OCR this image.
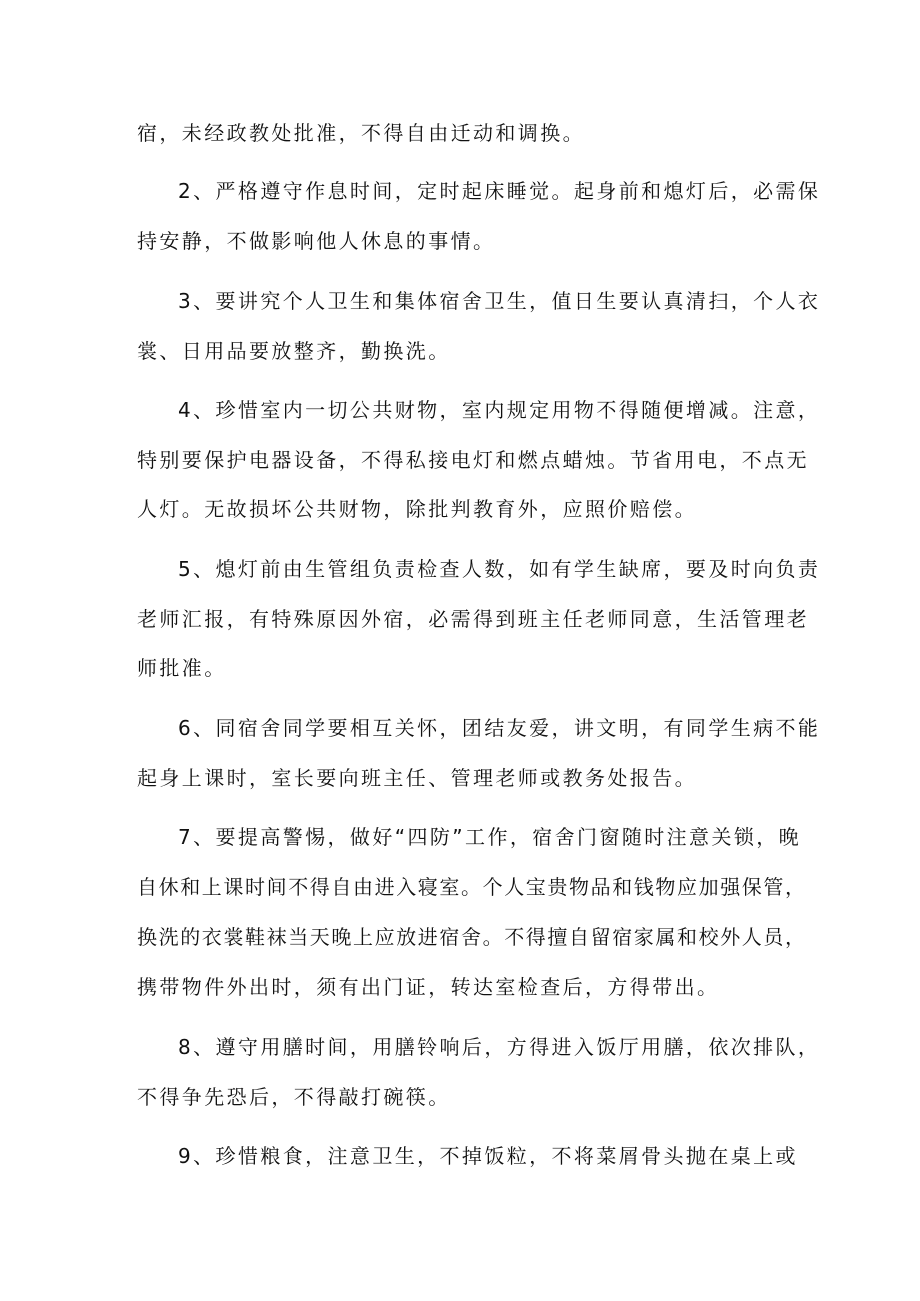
宿，未经政教处批准，不得自由迁动和调换。
2、严格遵守作息时间，定时起床睡觉。起身前和熄灯后，必需保
持安静，不做影响他人休息的事情。
3、要讲究个人卫生和集体宿舍卫生，值日生要认真清扫，个人衣
裳、日用品要放整齐，勤换洗。
4、珍惜室内一切公共财物，室内规定用物不得随便增减。注意，
特别要保护电器设备，不得私接电灯和燃点蜡烛。节省用电，不点无
人灯。无故损坏公共财物，除批判教育外，应照价赔偿。
5、熄灯前由生管组负责检查人数，如有学生缺席，要及时向负责
老师汇报，有特殊原因外宿，必需得到班主任老师同意，生活管理老
师批准。
6、同宿舍同学要相互关怀，团结友爱，讲文明，有同学生病不能
起身上课时，室长要向班主任、管理老师或教务处报告。
7、要提高警惕，做好“四防”工作，宿舍门窗随时注意关锁，晚
自休和上课时间不得自由进入寝室。个人宝贵物品和钱物应加强保管，
换洗的衣裳鞋袜当天晚上应放进宿舍。不得擅自留宿家属和校外人员，
携带物件外出时，须有出门证，转达室检查后，方得带出。
8、遵守用膳时间，用膳铃响后，方得进入饭厅用膳，依次排队，
不得争先恐后，不得敲打碗筷。
9、珍惜粮食，注意卫生，不掉饭粒，不将菜屑骨头抛在桌上或
